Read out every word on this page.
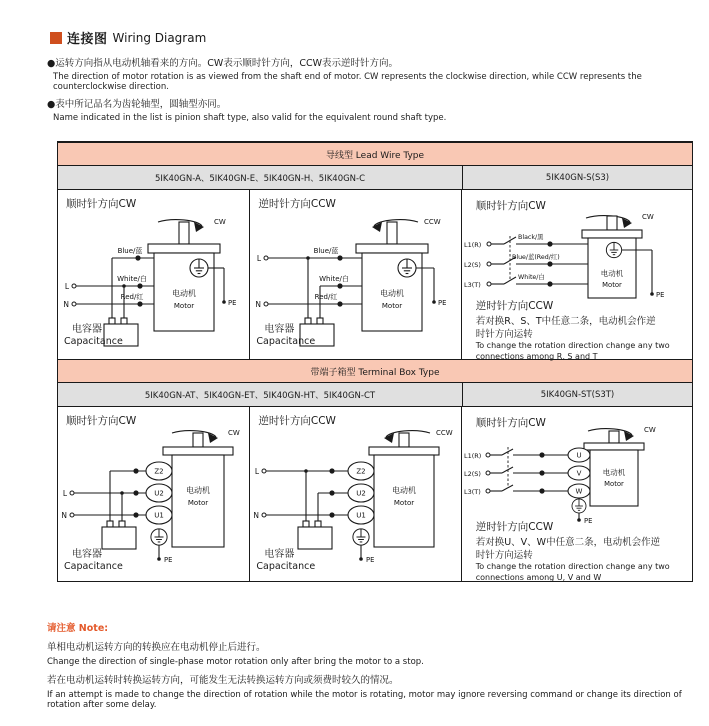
连接图 Wiring Diagram
●运转方向指从电动机轴看来的方向。CW表示顺时针方向，CCW表示逆时针方向。
The direction of motor rotation is as viewed from the shaft end of motor. CW represents the clockwise direction, while CCW represents the counterclockwise direction.
●表中所记品名为齿轮轴型，圆轴型亦同。
Name indicated in the list is pinion shaft type, also valid for the equivalent round shaft type.
导线型 Lead Wire Type
5IK40GN-A、5IK40GN-E、5IK40GN-H、5IK40GN-C	5IK40GN-S(S3)
顺时针方向CW
CW
PE
Blue/蓝
White/白
Red/红
L
N
电动机
Motor
电容器
Capacitance
逆时针方向CCW
CCW
PE
Blue/蓝
White/白
Red/红
L
N
电动机
Motor
电容器
Capacitance
顺时针方向CW
CW
PE
L1(R)
L2(S)
L3(T)
Black/黑
Blue/蓝(Red/红)
White/白	电动机
Motor
逆时针方向CCW
若对换R、S、T中任意二条，电动机会作逆
时针方向运转
To change the rotation direction change any two
connections among R, S and T
带端子箱型 Terminal Box Type
5IK40GN-AT、5IK40GN-ET、5IK40GN-HT、5IK40GN-CT	5IK40GN-ST(S3T)
顺时针方向CW
CW
Z2
U2
U1
PE
L
N
电动机
Motor
电容器
Capacitance
逆时针方向CCW
CCW
Z2
U2
U1
PE
L
N
电动机
Motor
电容器
Capacitance
顺时针方向CW
CW
U
V
W
PE
L1(R)
L2(S)
L3(T)
电动机
Motor
逆时针方向CCW
若对换U、V、W中任意二条，电动机会作逆
时针方向运转
To change the rotation direction change any two
connections among U, V and W
请注意 Note:
单相电动机运转方向的转换应在电动机停止后进行。
Change the direction of single-phase motor rotation only after bring the motor to a stop.
若在电动机运转时转换运转方向，可能发生无法转换运转方向或须费时较久的情况。
If an attempt is made to change the direction of rotation while the motor is rotating, motor may ignore reversing command or change its direction of rotation after some delay.
